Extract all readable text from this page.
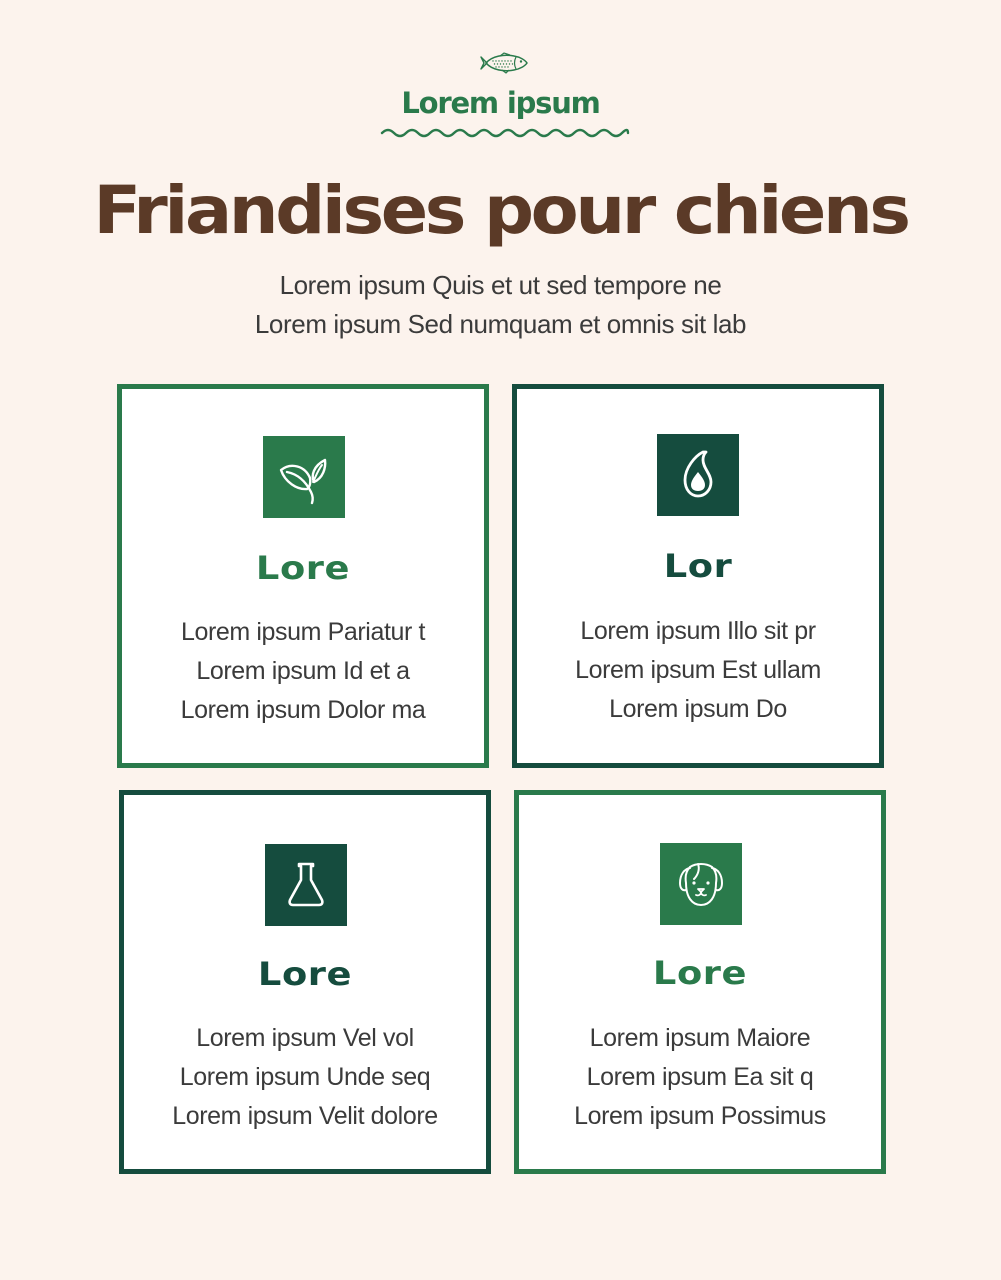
Lorem ipsum
Friandises pour chiens
Lorem ipsum Quis et ut sed tempore ne
Lorem ipsum Sed numquam et omnis sit lab
Lore
Lorem ipsum Pariatur t
Lorem ipsum Id et a
Lorem ipsum Dolor ma
Lor
Lorem ipsum Illo sit pr
Lorem ipsum Est ullam
Lorem ipsum Do
Lore
Lorem ipsum Vel vol
Lorem ipsum Unde seq
Lorem ipsum Velit dolore
Lore
Lorem ipsum Maiore
Lorem ipsum Ea sit q
Lorem ipsum Possimus
